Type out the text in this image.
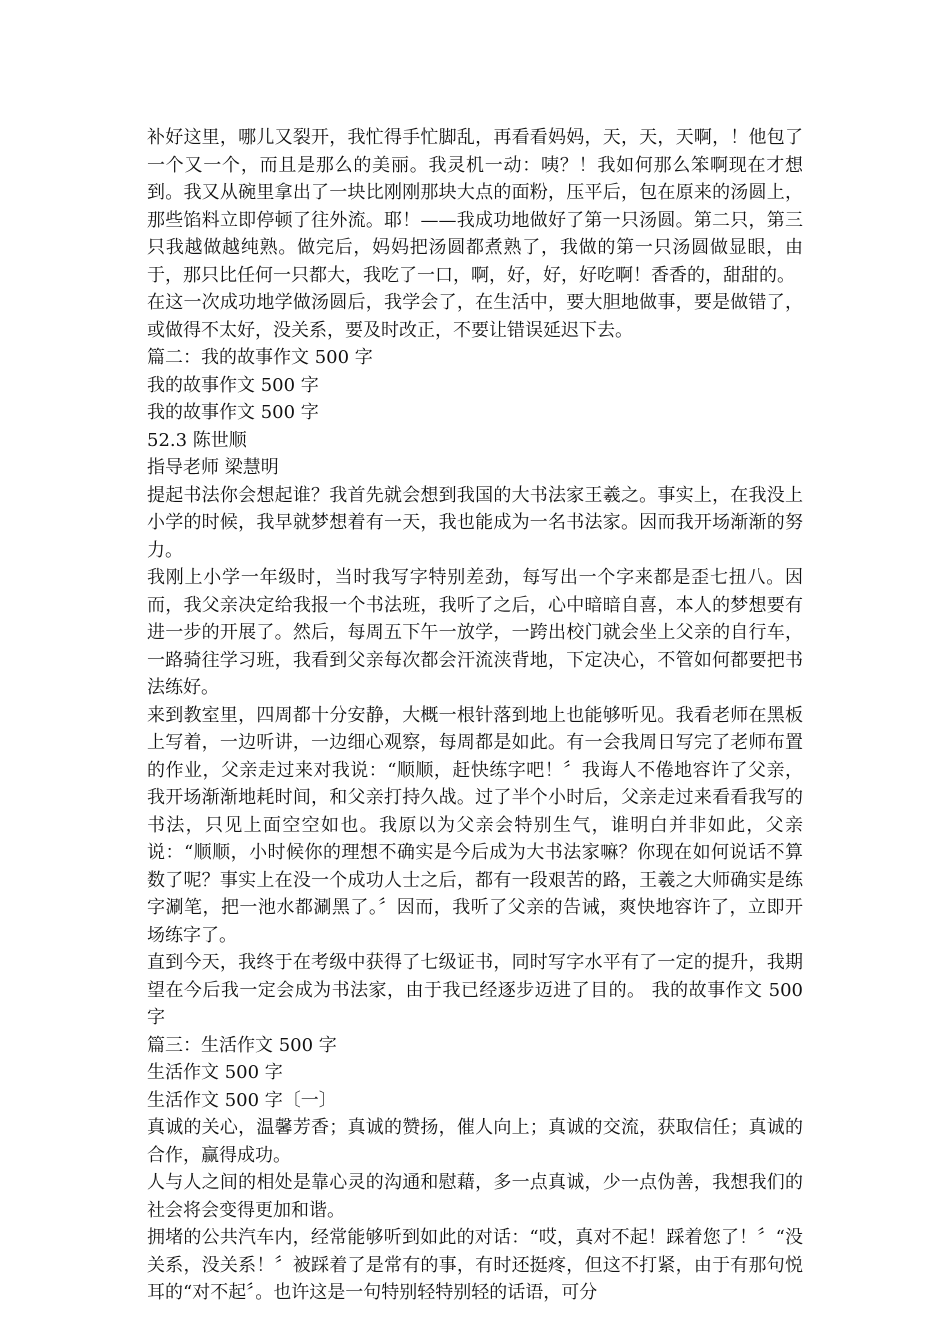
补好这里，哪儿又裂开，我忙得手忙脚乱，再看看妈妈，天，天，天啊，！他包了一个又一个，而且是那么的美丽。我灵机一动：咦？！我如何那么笨啊现在才想到。我又从碗里拿出了一块比刚刚那块大点的面粉，压平后，包在原来的汤圆上，那些馅料立即停顿了往外流。耶！——我成功地做好了第一只汤圆。第二只，第三只我越做越纯熟。做完后，妈妈把汤圆都煮熟了，我做的第一只汤圆做显眼，由于，那只比任何一只都大，我吃了一口，啊，好，好，好吃啊！香香的，甜甜的。

在这一次成功地学做汤圆后，我学会了，在生活中，要大胆地做事，要是做错了，或做得不太好，没关系，要及时改正，不要让错误延迟下去。

篇二：我的故事作文 500 字

我的故事作文 500 字

我的故事作文 500 字

52.3 陈世顺

指导老师 梁慧明

提起书法你会想起谁？我首先就会想到我国的大书法家王羲之。事实上，在我没上小学的时候，我早就梦想着有一天，我也能成为一名书法家。因而我开场渐渐的努力。

我刚上小学一年级时，当时我写字特别差劲，每写出一个字来都是歪七扭八。因而，我父亲决定给我报一个书法班，我听了之后，心中暗暗自喜，本人的梦想要有进一步的开展了。然后，每周五下午一放学，一跨出校门就会坐上父亲的自行车，一路骑往学习班，我看到父亲每次都会汗流浃背地，下定决心，不管如何都要把书法练好。

来到教室里，四周都十分安静，大概一根针落到地上也能够听见。我看老师在黑板上写着，一边听讲，一边细心观察，每周都是如此。有一会我周日写完了老师布置的作业，父亲走过来对我说：“顺顺，赶快练字吧！〞我诲人不倦地容许了父亲，我开场渐渐地耗时间，和父亲打持久战。过了半个小时后，父亲走过来看看我写的书法，只见上面空空如也。我原以为父亲会特别生气，谁明白并非如此，父亲说：“顺顺，小时候你的理想不确实是今后成为大书法家嘛？你现在如何说话不算数了呢？事实上在没一个成功人士之后，都有一段艰苦的路，王羲之大师确实是练字涮笔，把一池水都涮黑了。〞因而，我听了父亲的告诫，爽快地容许了，立即开场练字了。

直到今天，我终于在考级中获得了七级证书，同时写字水平有了一定的提升，我期望在今后我一定会成为书法家，由于我已经逐步迈进了目的。 我的故事作文 500 字

篇三：生活作文 500 字

生活作文 500 字

生活作文 500 字〔一〕

真诚的关心，温馨芳香；真诚的赞扬，催人向上；真诚的交流，获取信任；真诚的合作，赢得成功。

人与人之间的相处是靠心灵的沟通和慰藉，多一点真诚，少一点伪善，我想我们的社会将会变得更加和谐。

拥堵的公共汽车内，经常能够听到如此的对话：“哎，真对不起！踩着您了！〞“没关系，没关系！〞被踩着了是常有的事，有时还挺疼，但这不打紧，由于有那句悦耳的“对不起〞。也许这是一句特别轻特别轻的话语，可分
